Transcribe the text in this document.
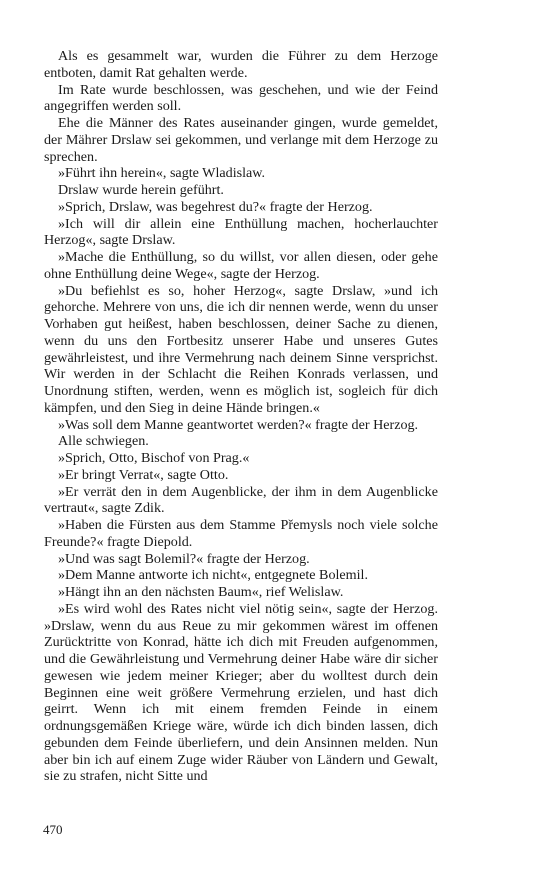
Als es gesammelt war, wurden die Führer zu dem Herzoge entboten, damit Rat gehalten werde.

Im Rate wurde beschlossen, was geschehen, und wie der Feind angegriffen werden soll.

Ehe die Männer des Rates auseinander gingen, wurde gemeldet, der Mährer Drslaw sei gekommen, und verlange mit dem Herzoge zu sprechen.

»Führt ihn herein«, sagte Wladislaw.

Drslaw wurde herein geführt.

»Sprich, Drslaw, was begehrest du?« fragte der Herzog.

»Ich will dir allein eine Enthüllung machen, hocherlauchter Herzog«, sagte Drslaw.

»Mache die Enthüllung, so du willst, vor allen diesen, oder gehe ohne Enthüllung deine Wege«, sagte der Herzog.

»Du befiehlst es so, hoher Herzog«, sagte Drslaw, »und ich gehorche. Mehrere von uns, die ich dir nennen werde, wenn du unser Vorhaben gut heißest, haben beschlossen, deiner Sache zu dienen, wenn du uns den Fortbesitz unserer Habe und unseres Gutes gewährleistest, und ihre Vermehrung nach deinem Sinne versprichst. Wir werden in der Schlacht die Reihen Konrads verlassen, und Unordnung stiften, werden, wenn es möglich ist, sogleich für dich kämpfen, und den Sieg in deine Hände bringen.«

»Was soll dem Manne geantwortet werden?« fragte der Herzog.

Alle schwiegen.

»Sprich, Otto, Bischof von Prag.«

»Er bringt Verrat«, sagte Otto.

»Er verrät den in dem Augenblicke, der ihm in dem Augenblicke vertraut«, sagte Zdik.

»Haben die Fürsten aus dem Stamme Přemysls noch viele solche Freunde?« fragte Diepold.

»Und was sagt Bolemil?« fragte der Herzog.

»Dem Manne antworte ich nicht«, entgegnete Bolemil.

»Hängt ihn an den nächsten Baum«, rief Welislaw.

»Es wird wohl des Rates nicht viel nötig sein«, sagte der Herzog. »Drslaw, wenn du aus Reue zu mir gekommen wärest im offenen Zurücktritte von Konrad, hätte ich dich mit Freuden aufgenommen, und die Gewährleistung und Vermehrung deiner Habe wäre dir sicher gewesen wie jedem meiner Krieger; aber du wolltest durch dein Beginnen eine weit größere Vermehrung erzielen, und hast dich geirrt. Wenn ich mit einem fremden Feinde in einem ordnungsgemäßen Kriege wäre, würde ich dich binden lassen, dich gebunden dem Feinde überliefern, und dein Ansinnen melden. Nun aber bin ich auf einem Zuge wider Räuber von Ländern und Gewalt, sie zu strafen, nicht Sitte und

470
